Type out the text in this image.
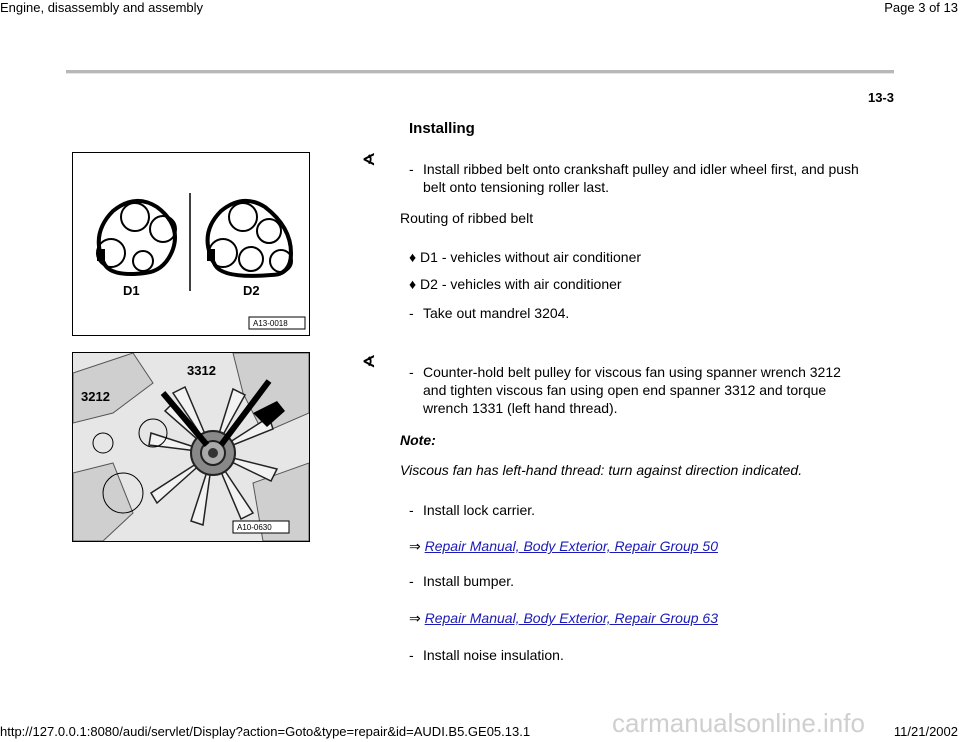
Engine, disassembly and assembly	Page 3 of 13
13-3
Installing
D1	D2
A13-0018
∢ - Install ribbed belt onto crankshaft pulley and idler wheel first, and push
belt onto tensioning roller last.
Routing of ribbed belt
♦ D1 - vehicles without air conditioner
♦ D2 - vehicles with air conditioner
- Take out mandrel 3204.
3212
3312
A10-0630
∢
- Counter-hold belt pulley for viscous fan using spanner wrench 3212
and tighten viscous fan using open end spanner 3312 and torque
wrench 1331 (left hand thread).
Note:
Viscous fan has left-hand thread: turn against direction indicated.
- Install lock carrier.
⇒ Repair Manual, Body Exterior, Repair Group 50
- Install bumper.
⇒ Repair Manual, Body Exterior, Repair Group 63
- Install noise insulation.
carmanualsonline.info
http://127.0.0.1:8080/audi/servlet/Display?action=Goto&type=repair&id=AUDI.B5.GE05.13.1	11/21/2002
